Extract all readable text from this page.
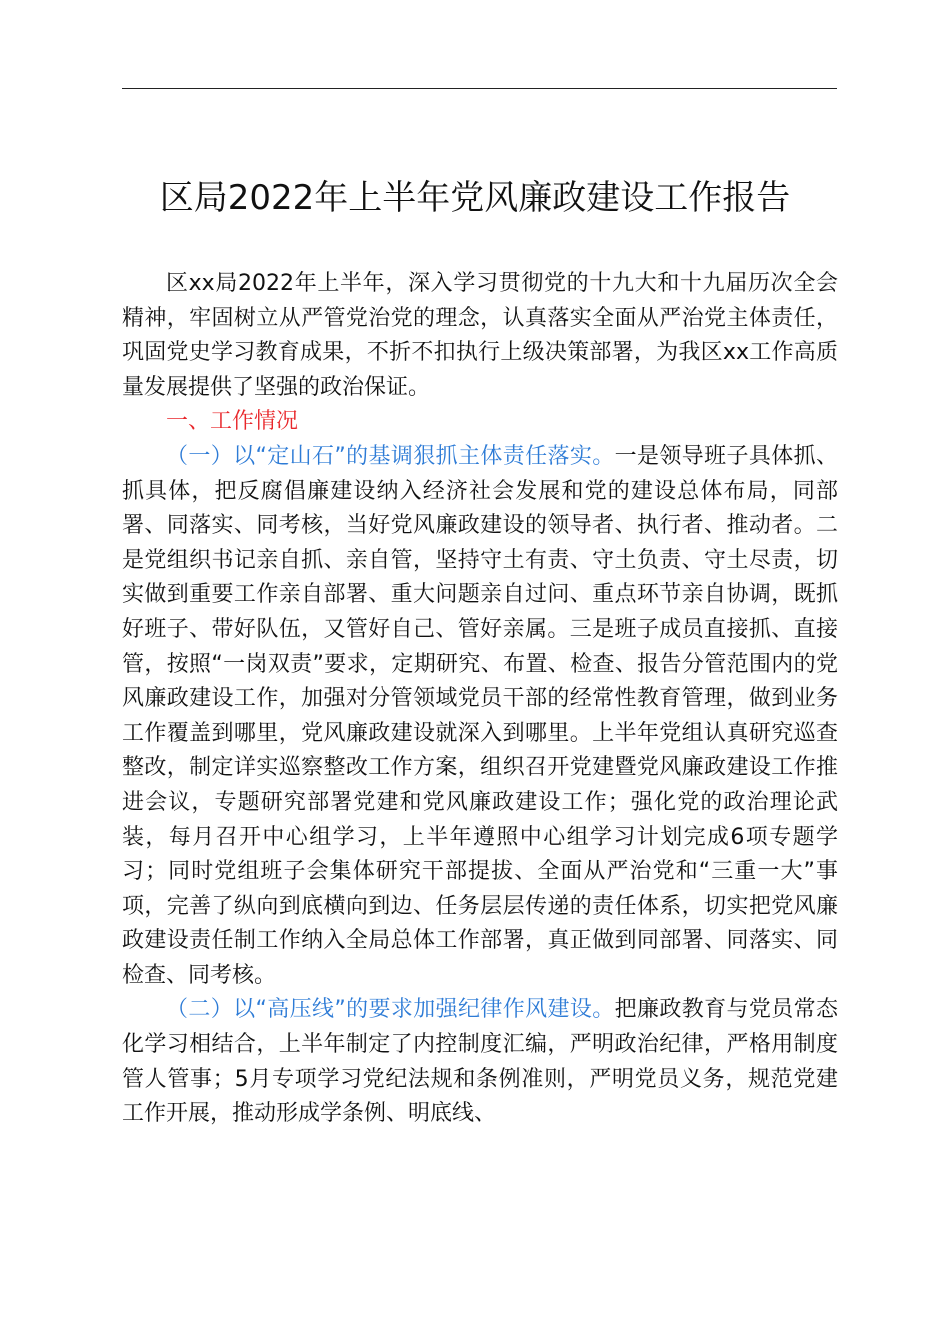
区局2022年上半年党风廉政建设工作报告

区xx局2022年上半年，深入学习贯彻党的十九大和十九届历次全会精神，牢固树立从严管党治党的理念，认真落实全面从严治党主体责任，巩固党史学习教育成果，不折不扣执行上级决策部署，为我区xx工作高质量发展提供了坚强的政治保证。

一、工作情况

（一）以“定山石”的基调狠抓主体责任落实。一是领导班子具体抓、抓具体，把反腐倡廉建设纳入经济社会发展和党的建设总体布局，同部署、同落实、同考核，当好党风廉政建设的领导者、执行者、推动者。二是党组织书记亲自抓、亲自管，坚持守土有责、守土负责、守土尽责，切实做到重要工作亲自部署、重大问题亲自过问、重点环节亲自协调，既抓好班子、带好队伍，又管好自己、管好亲属。三是班子成员直接抓、直接管，按照“一岗双责”要求，定期研究、布置、检查、报告分管范围内的党风廉政建设工作，加强对分管领域党员干部的经常性教育管理，做到业务工作覆盖到哪里，党风廉政建设就深入到哪里。上半年党组认真研究巡查整改，制定详实巡察整改工作方案，组织召开党建暨党风廉政建设工作推进会议，专题研究部署党建和党风廉政建设工作；强化党的政治理论武装，每月召开中心组学习，上半年遵照中心组学习计划完成6项专题学习；同时党组班子会集体研究干部提拔、全面从严治党和“三重一大”事项，完善了纵向到底横向到边、任务层层传递的责任体系，切实把党风廉政建设责任制工作纳入全局总体工作部署，真正做到同部署、同落实、同检查、同考核。

（二）以“高压线”的要求加强纪律作风建设。把廉政教育与党员常态化学习相结合，上半年制定了内控制度汇编，严明政治纪律，严格用制度管人管事；5月专项学习党纪法规和条例准则，严明党员义务，规范党建工作开展，推动形成学条例、明底线、
